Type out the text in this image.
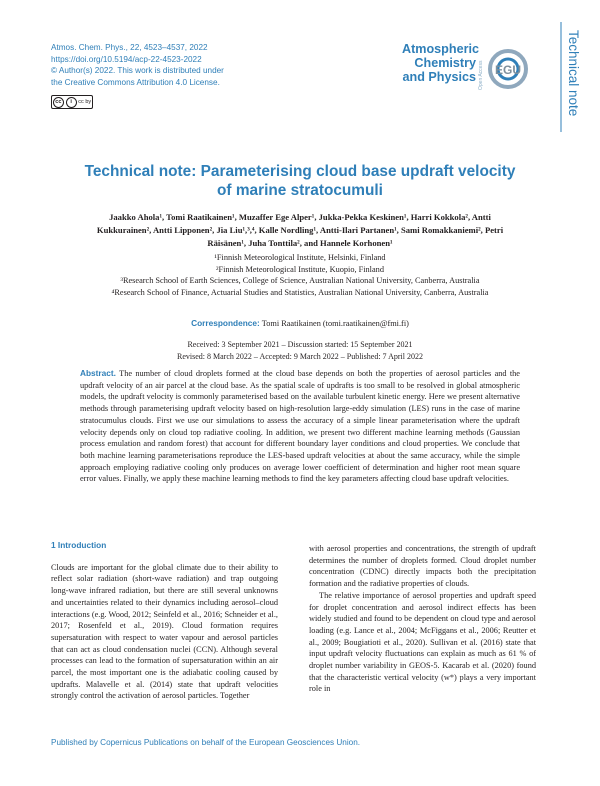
Atmos. Chem. Phys., 22, 4523–4537, 2022
https://doi.org/10.5194/acp-22-4523-2022
© Author(s) 2022. This work is distributed under
the Creative Commons Attribution 4.0 License.
cc	i	cc by
Atmospheric
Chemistry
and Physics Open Access EGU	Technical note
Technical note: Parameterising cloud base updraft velocity of marine stratocumuli
Jaakko Ahola¹, Tomi Raatikainen¹, Muzaffer Ege Alper¹, Jukka-Pekka Keskinen¹, Harri Kokkola², Antti Kukkurainen², Antti Lipponen², Jia Liu¹,³,⁴, Kalle Nordling¹, Antti-Ilari Partanen¹, Sami Romakkaniemi², Petri Räisänen¹, Juha Tonttila², and Hannele Korhonen¹
¹Finnish Meteorological Institute, Helsinki, Finland
²Finnish Meteorological Institute, Kuopio, Finland
³Research School of Earth Sciences, College of Science, Australian National University, Canberra, Australia
⁴Research School of Finance, Actuarial Studies and Statistics, Australian National University, Canberra, Australia
Correspondence: Tomi Raatikainen (tomi.raatikainen@fmi.fi)
Received: 3 September 2021 – Discussion started: 15 September 2021
Revised: 8 March 2022 – Accepted: 9 March 2022 – Published: 7 April 2022
Abstract. The number of cloud droplets formed at the cloud base depends on both the properties of aerosol particles and the updraft velocity of an air parcel at the cloud base. As the spatial scale of updrafts is too small to be resolved in global atmospheric models, the updraft velocity is commonly parameterised based on the available turbulent kinetic energy. Here we present alternative methods through parameterising updraft velocity based on high-resolution large-eddy simulation (LES) runs in the case of marine stratocumulus clouds. First we use our simulations to assess the accuracy of a simple linear parameterisation where the updraft velocity depends only on cloud top radiative cooling. In addition, we present two different machine learning methods (Gaussian process emulation and random forest) that account for different boundary layer conditions and cloud properties. We conclude that both machine learning parameterisations reproduce the LES-based updraft velocities at about the same accuracy, while the simple approach employing radiative cooling only produces on average lower coefficient of determination and higher root mean square error values. Finally, we apply these machine learning methods to find the key parameters affecting cloud base updraft velocities.
1 Introduction

Clouds are important for the global climate due to their ability to reflect solar radiation (short-wave radiation) and trap outgoing long-wave infrared radiation, but there are still several unknowns and uncertainties related to their dynamics including aerosol–cloud interactions (e.g. Wood, 2012; Seinfeld et al., 2016; Schneider et al., 2017; Rosenfeld et al., 2019). Cloud formation requires supersaturation with respect to water vapour and aerosol particles that can act as cloud condensation nuclei (CCN). Although several processes can lead to the formation of supersaturation within an air parcel, the most important one is the adiabatic cooling caused by updrafts. Malavelle et al. (2014) state that updraft velocities strongly control the activation of aerosol particles. Together

with aerosol properties and concentrations, the strength of updraft determines the number of droplets formed. Cloud droplet number concentration (CDNC) directly impacts both the precipitation formation and the radiative properties of clouds.

The relative importance of aerosol properties and updraft speed for droplet concentration and aerosol indirect effects has been widely studied and found to be dependent on cloud type and aerosol loading (e.g. Lance et al., 2004; McFiggans et al., 2006; Reutter et al., 2009; Bougiatioti et al., 2020). Sullivan et al. (2016) state that input updraft velocity fluctuations can explain as much as 61 % of droplet number variability in GEOS-5. Kacarab et al. (2020) found that the characteristic vertical velocity (w*) plays a very important role in

Published by Copernicus Publications on behalf of the European Geosciences Union.
